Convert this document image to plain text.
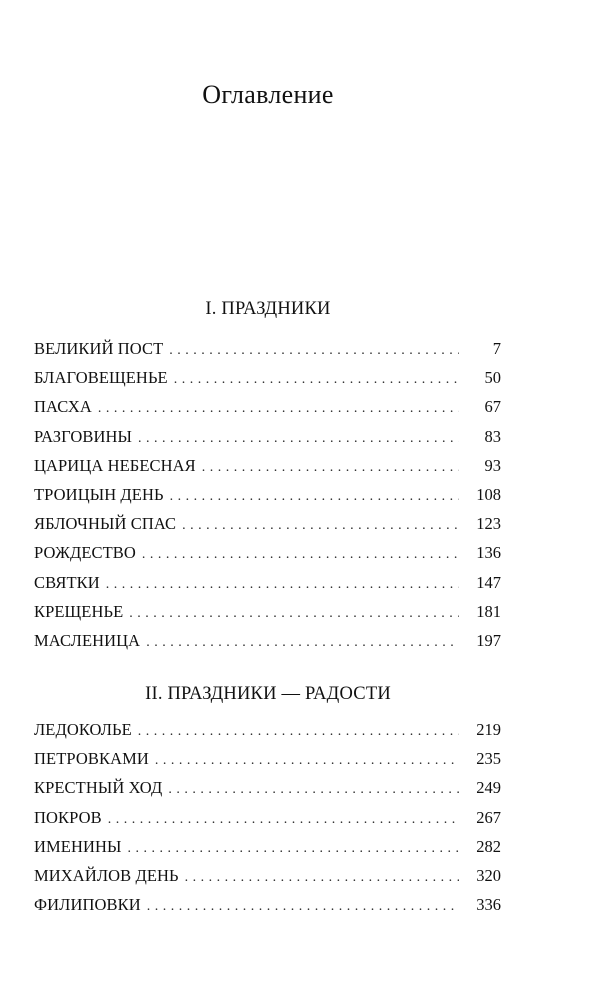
Оглавление
I. ПРАЗДНИКИ
ВЕЛИКИЙ ПОСТ . . .	7
БЛАГОВЕЩЕНЬЕ . . .	50
ПАСХА . . .	67
РАЗГОВИНЫ . . .	83
ЦАРИЦА НЕБЕСНАЯ . . .	93
ТРОИЦЫН ДЕНЬ . . .	108
ЯБЛОЧНЫЙ СПАС . . .	123
РОЖДЕСТВО . . .	136
СВЯТКИ . . .	147
КРЕЩЕНЬЕ . . .	181
МАСЛЕНИЦА . . .	197
II. ПРАЗДНИКИ — РАДОСТИ
ЛЕДОКОЛЬЕ . . .	219
ПЕТРОВКАМИ . . .	235
КРЕСТНЫЙ ХОД . . .	249
ПОКРОВ . . .	267
ИМЕНИНЫ . . .	282
МИХАЙЛОВ ДЕНЬ . . .	320
ФИЛИПОВКИ . . .	336
